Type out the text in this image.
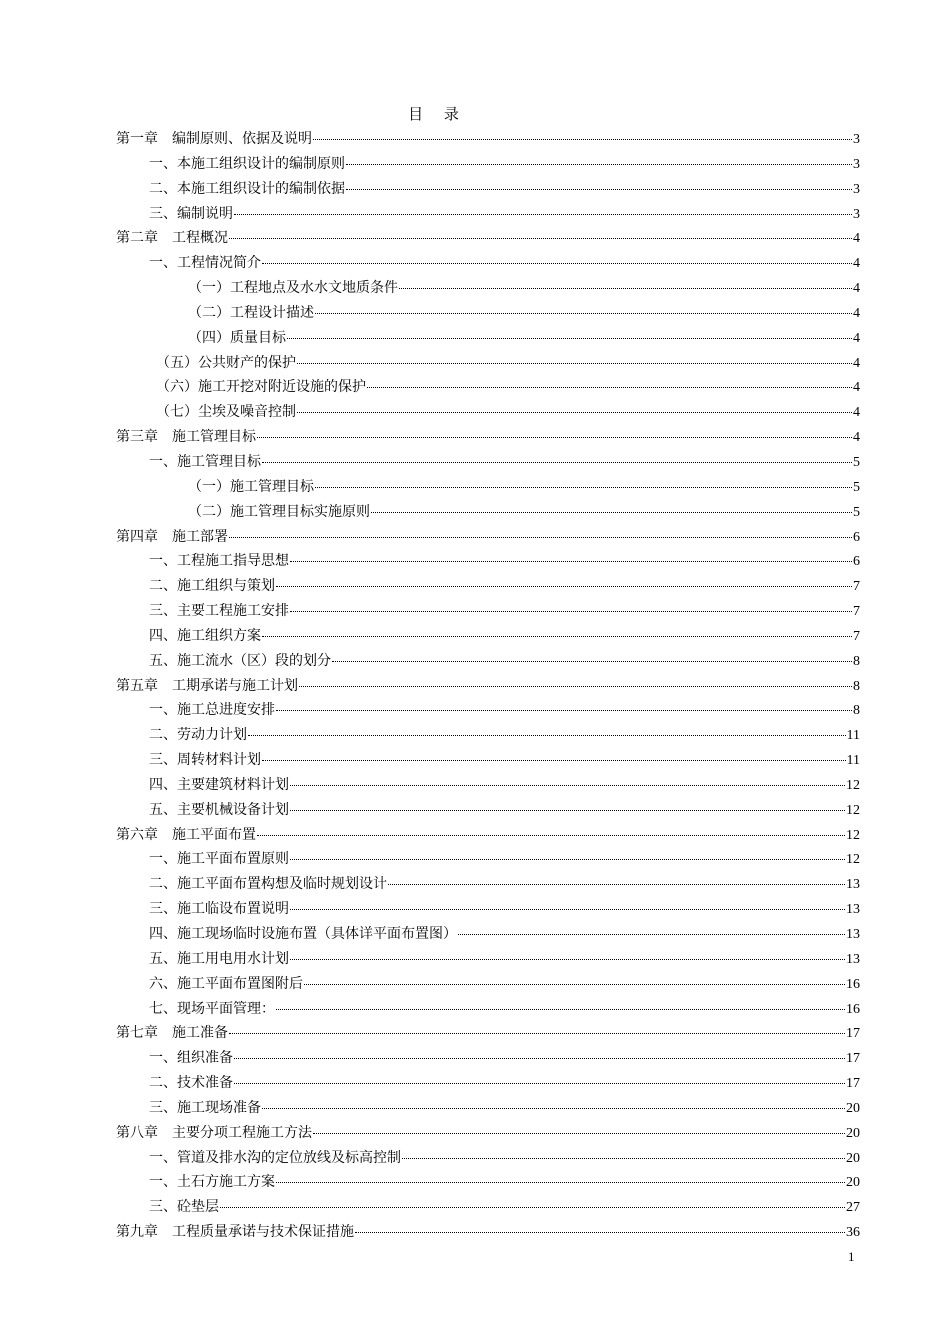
目 录
第一章　编制原则、依据及说明	3
一、本施工组织设计的编制原则	3
二、本施工组织设计的编制依据	3
三、编制说明	3
第二章　工程概况	4
一、工程情况简介	4
（一）工程地点及水水文地质条件	4
（二）工程设计描述	4
（四）质量目标	4
（五）公共财产的保护	4
（六）施工开挖对附近设施的保护	4
（七）尘埃及噪音控制	4
第三章　施工管理目标	4
一、施工管理目标	5
（一）施工管理目标	5
（二）施工管理目标实施原则	5
第四章　施工部署	6
一、工程施工指导思想	6
二、施工组织与策划	7
三、主要工程施工安排	7
四、施工组织方案	7
五、施工流水（区）段的划分	8
第五章　工期承诺与施工计划	8
一、施工总进度安排	8
二、劳动力计划	11
三、周转材料计划	11
四、主要建筑材料计划	12
五、主要机械设备计划	12
第六章　施工平面布置	12
一、施工平面布置原则	12
二、施工平面布置构想及临时规划设计	13
三、施工临设布置说明	13
四、施工现场临时设施布置（具体详平面布置图）	13
五、施工用电用水计划	13
六、施工平面布置图附后	16
七、现场平面管理：	16
第七章　施工准备	17
一、组织准备	17
二、技术准备	17
三、施工现场准备	20
第八章　主要分项工程施工方法	20
一、管道及排水沟的定位放线及标高控制	20
一、土石方施工方案	20
三、砼垫层	27
第九章　工程质量承诺与技术保证措施	36
1
